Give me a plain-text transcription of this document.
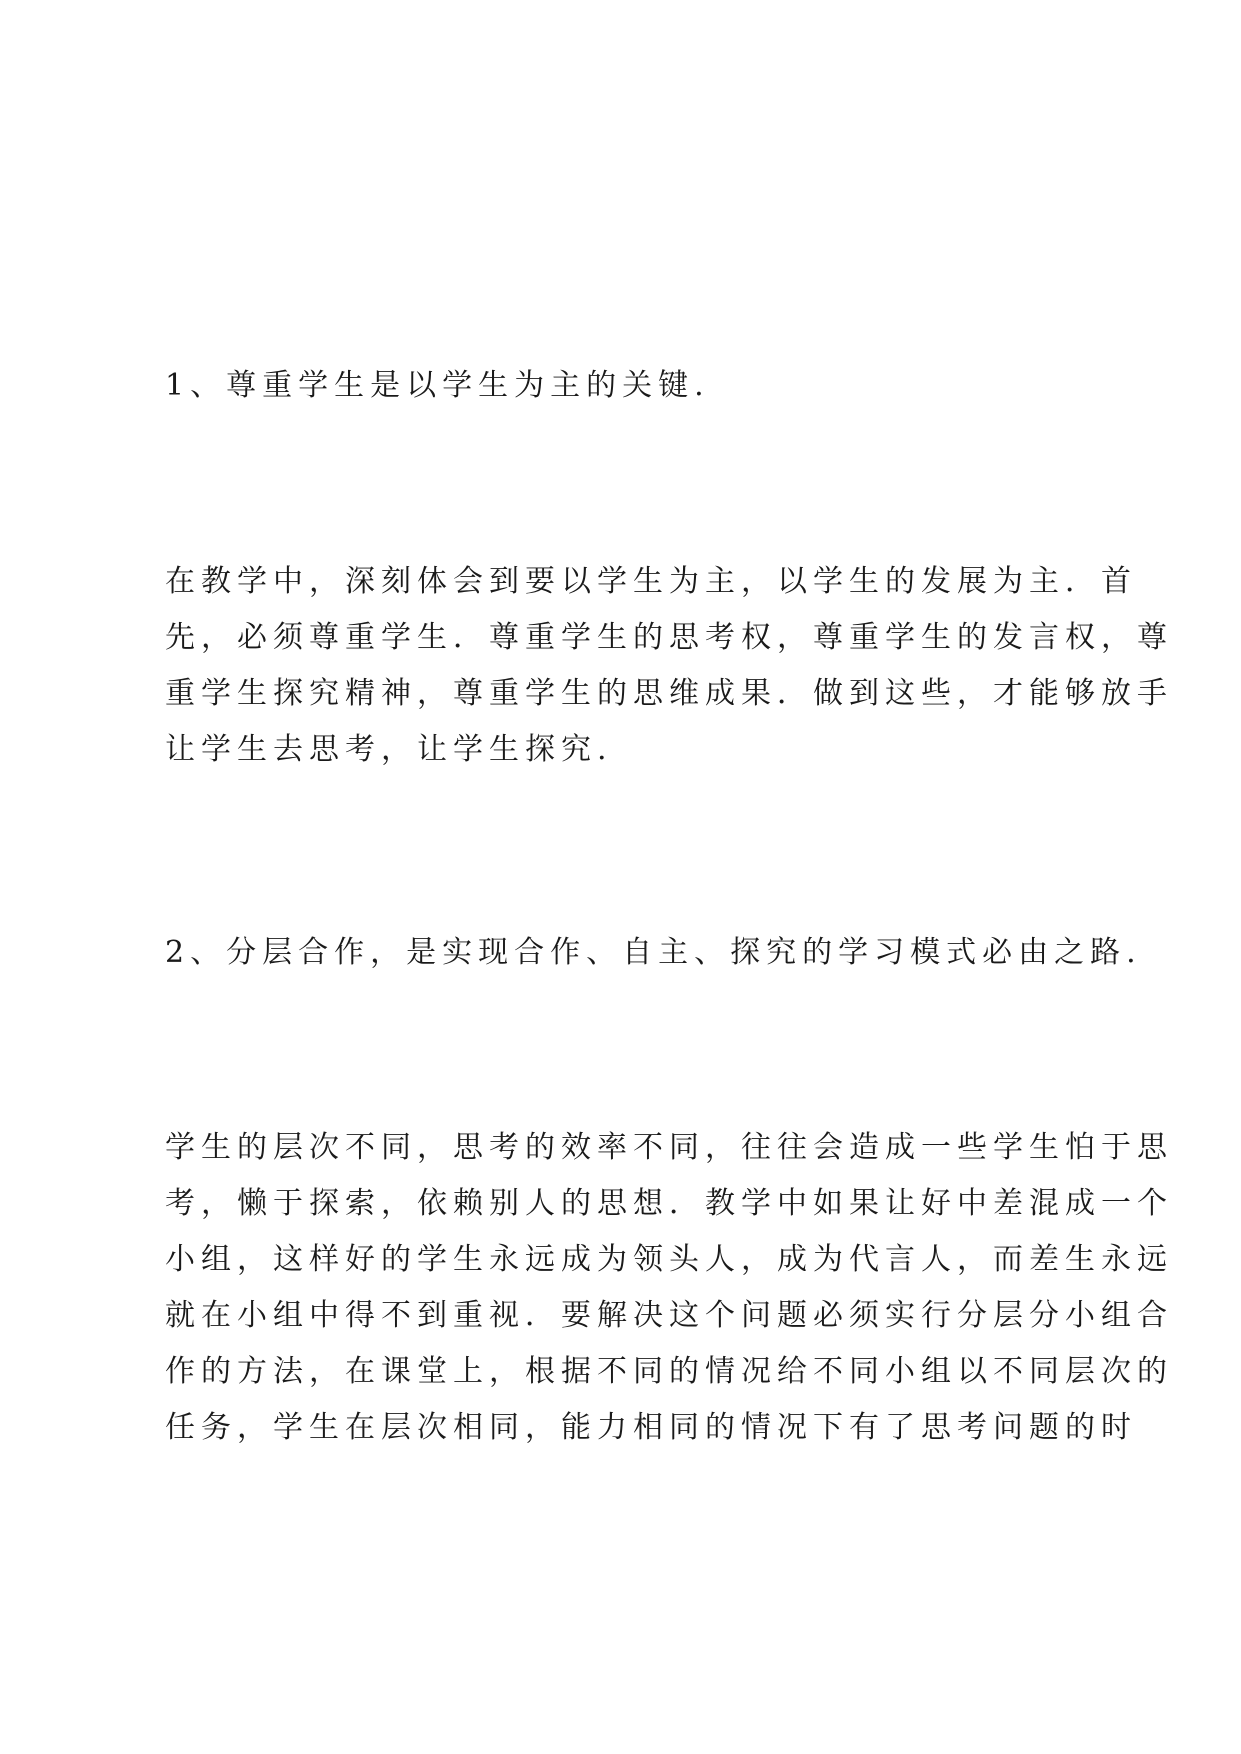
1、尊重学生是以学生为主的关键.

在教学中，深刻体会到要以学生为主，以学生的发展为主．首
先，必须尊重学生．尊重学生的思考权，尊重学生的发言权，尊
重学生探究精神，尊重学生的思维成果．做到这些，才能够放手
让学生去思考，让学生探究.

2、分层合作，是实现合作、自主、探究的学习模式必由之路.

学生的层次不同，思考的效率不同，往往会造成一些学生怕于思
考，懒于探索，依赖别人的思想．教学中如果让好中差混成一个
小组，这样好的学生永远成为领头人，成为代言人，而差生永远
就在小组中得不到重视．要解决这个问题必须实行分层分小组合
作的方法，在课堂上，根据不同的情况给不同小组以不同层次的
任务，学生在层次相同，能力相同的情况下有了思考问题的时
